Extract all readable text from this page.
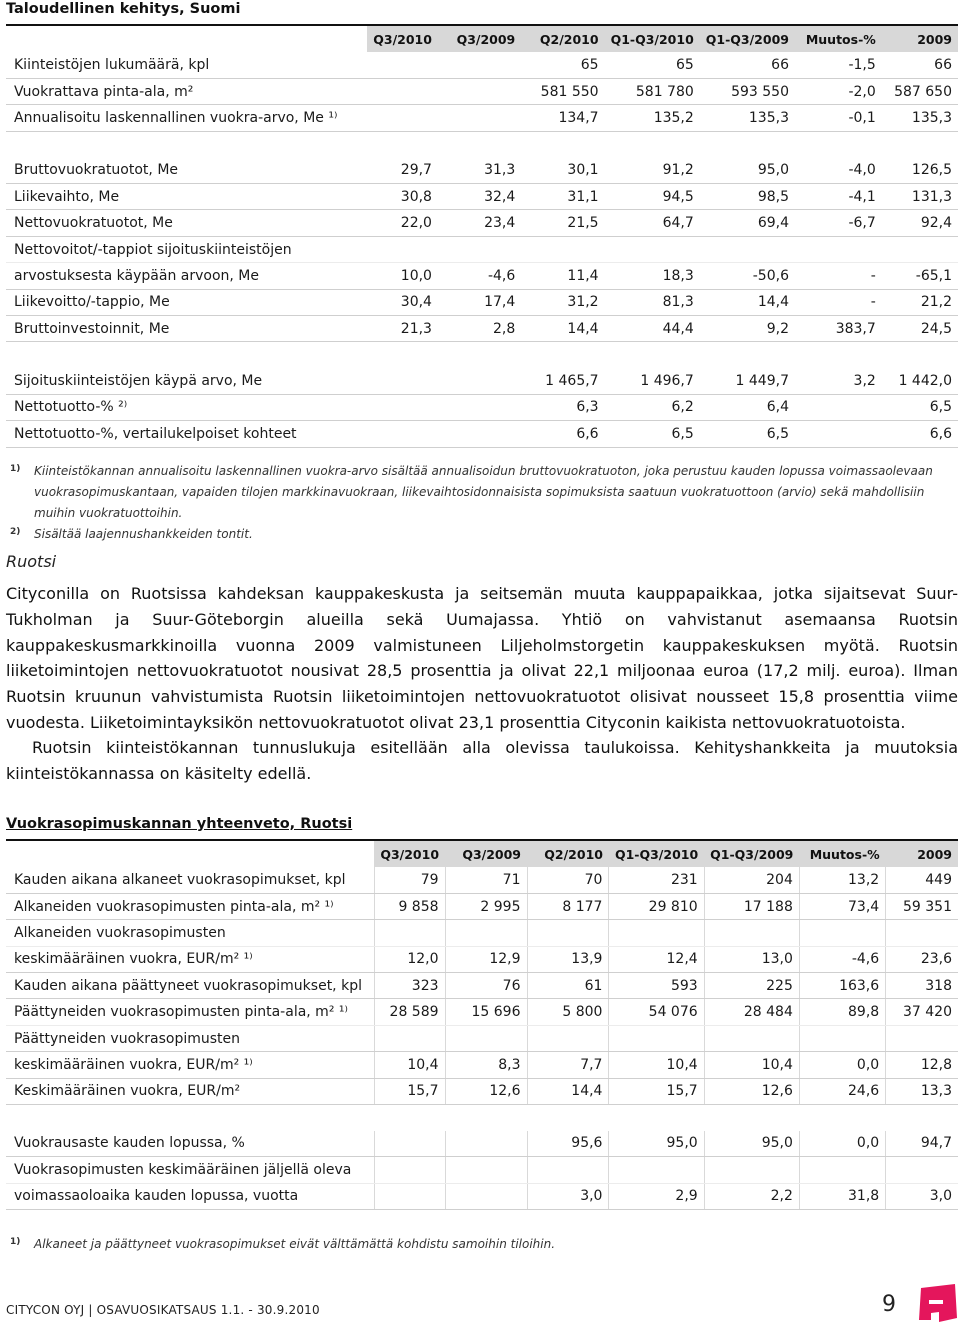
Taloudellinen kehitys, Suomi
	Q3/2010	Q3/2009	Q2/2010	Q1-Q3/2010	Q1-Q3/2009	Muutos-%	2009
Kiinteistöjen lukumäärä, kpl			65	65	66	-1,5	66
Vuokrattava pinta-ala, m²			581 550	581 780	593 550	-2,0	587 650
Annualisoitu laskennallinen vuokra-arvo, Me ¹⁾			134,7	135,2	135,3	-0,1	135,3

Bruttovuokratuotot, Me	29,7	31,3	30,1	91,2	95,0	-4,0	126,5
Liikevaihto, Me	30,8	32,4	31,1	94,5	98,5	-4,1	131,3
Nettovuokratuotot, Me	22,0	23,4	21,5	64,7	69,4	-6,7	92,4
Nettovoitot/-tappiot sijoituskiinteistöjen							
arvostuksesta käypään arvoon, Me	10,0	-4,6	11,4	18,3	-50,6	-	-65,1
Liikevoitto/-tappio, Me	30,4	17,4	31,2	81,3	14,4	-	21,2
Bruttoinvestoinnit, Me	21,3	2,8	14,4	44,4	9,2	383,7	24,5

Sijoituskiinteistöjen käypä arvo, Me			1 465,7	1 496,7	1 449,7	3,2	1 442,0
Nettotuotto-% ²⁾			6,3	6,2	6,4		6,5
Nettotuotto-%, vertailukelpoiset kohteet			6,6	6,5	6,5		6,6
1) Kiinteistökannan annualisoitu laskennallinen vuokra-arvo sisältää annualisoidun bruttovuokratuoton, joka perustuu kauden lopussa voimassaolevaan vuokrasopimuskantaan, vapaiden tilojen markkinavuokraan, liikevaihtosidonnaisista sopimuksista saatuun vuokratuottoon (arvio) sekä mahdollisiin muihin vuokratuottoihin.
2) Sisältää laajennushankkeiden tontit.
Ruotsi
Cityconilla on Ruotsissa kahdeksan kauppakeskusta ja seitsemän muuta kauppapaikkaa, jotka sijaitsevat Suur-Tukholman ja Suur-Göteborgin alueilla sekä Uumajassa. Yhtiö on vahvistanut asemaansa Ruotsin kauppakeskusmarkkinoilla vuonna 2009 valmistuneen Liljeholmstorgetin kauppakeskuksen myötä. Ruotsin liiketoimintojen nettovuokratuotot nousivat 28,5 prosenttia ja olivat 22,1 miljoonaa euroa (17,2 milj. euroa). Ilman Ruotsin kruunun vahvistumista Ruotsin liiketoimintojen nettovuokratuotot olisivat nousseet 15,8 prosenttia viime vuodesta. Liiketoimintayksikön nettovuokratuotot olivat 23,1 prosenttia Cityconin kaikista nettovuokratuotoista.
Ruotsin kiinteistökannan tunnuslukuja esitellään alla olevissa taulukoissa. Kehityshankkeita ja muutoksia kiinteistökannassa on käsitelty edellä.
Vuokrasopimuskannan yhteenveto, Ruotsi
	Q3/2010	Q3/2009	Q2/2010	Q1-Q3/2010	Q1-Q3/2009	Muutos-%	2009
Kauden aikana alkaneet vuokrasopimukset, kpl	79	71	70	231	204	13,2	449
Alkaneiden vuokrasopimusten pinta-ala, m² ¹⁾	9 858	2 995	8 177	29 810	17 188	73,4	59 351
Alkaneiden vuokrasopimusten							
keskimääräinen vuokra, EUR/m² ¹⁾	12,0	12,9	13,9	12,4	13,0	-4,6	23,6
Kauden aikana päättyneet vuokrasopimukset, kpl	323	76	61	593	225	163,6	318
Päättyneiden vuokrasopimusten pinta-ala, m² ¹⁾	28 589	15 696	5 800	54 076	28 484	89,8	37 420
Päättyneiden vuokrasopimusten							
keskimääräinen vuokra, EUR/m² ¹⁾	10,4	8,3	7,7	10,4	10,4	0,0	12,8
Keskimääräinen vuokra, EUR/m²	15,7	12,6	14,4	15,7	12,6	24,6	13,3

Vuokrausaste kauden lopussa, %			95,6	95,0	95,0	0,0	94,7
Vuokrasopimusten keskimääräinen jäljellä oleva							
voimassaoloaika kauden lopussa, vuotta			3,0	2,9	2,2	31,8	3,0
1) Alkaneet ja päättyneet vuokrasopimukset eivät välttämättä kohdistu samoihin tiloihin.
CITYCON OYJ | OSAVUOSIKATSAUS 1.1. - 30.9.2010	9
